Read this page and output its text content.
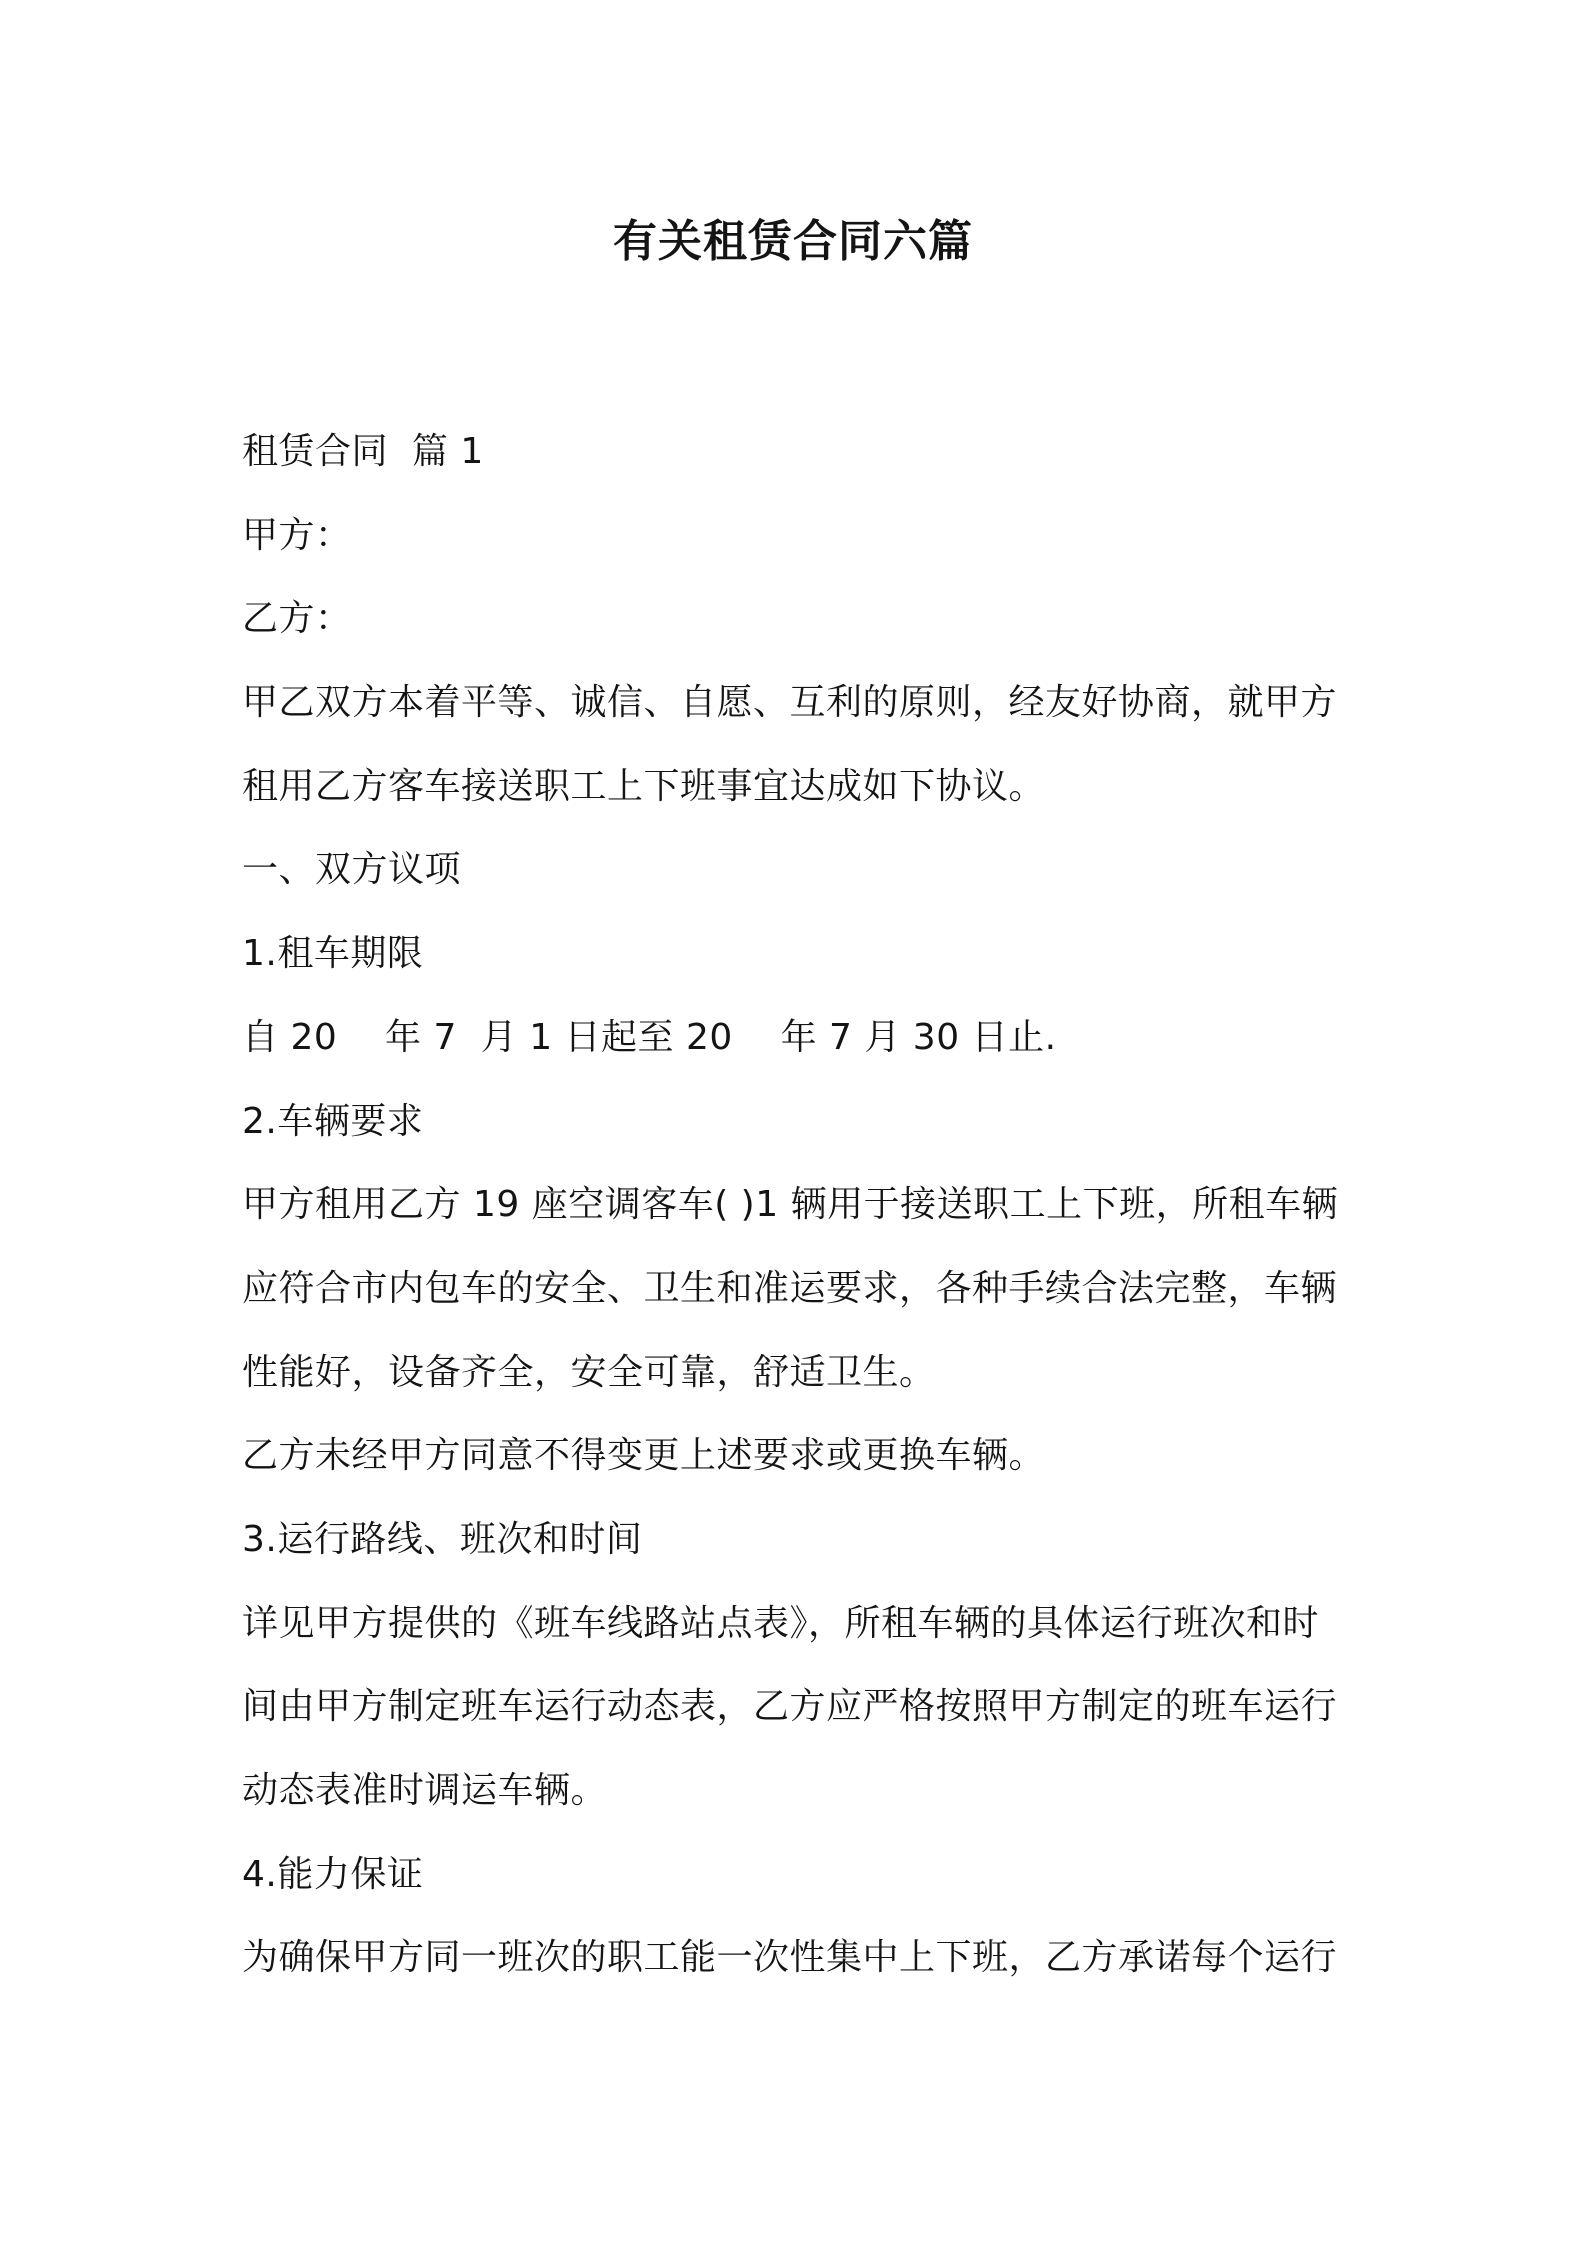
有关租赁合同六篇

租赁合同  篇 1

甲方：

乙方：

甲乙双方本着平等、诚信、自愿、互利的原则，经友好协商，就甲方

租用乙方客车接送职工上下班事宜达成如下协议。

一、双方议项

1.租车期限

自 20    年 7  月 1 日起至 20    年 7 月 30 日止.

2.车辆要求

甲方租用乙方 19 座空调客车( )1 辆用于接送职工上下班，所租车辆

应符合市内包车的安全、卫生和准运要求，各种手续合法完整，车辆

性能好，设备齐全，安全可靠，舒适卫生。

乙方未经甲方同意不得变更上述要求或更换车辆。

3.运行路线、班次和时间

详见甲方提供的《班车线路站点表》，所租车辆的具体运行班次和时

间由甲方制定班车运行动态表，乙方应严格按照甲方制定的班车运行

动态表准时调运车辆。

4.能力保证

为确保甲方同一班次的职工能一次性集中上下班，乙方承诺每个运行
